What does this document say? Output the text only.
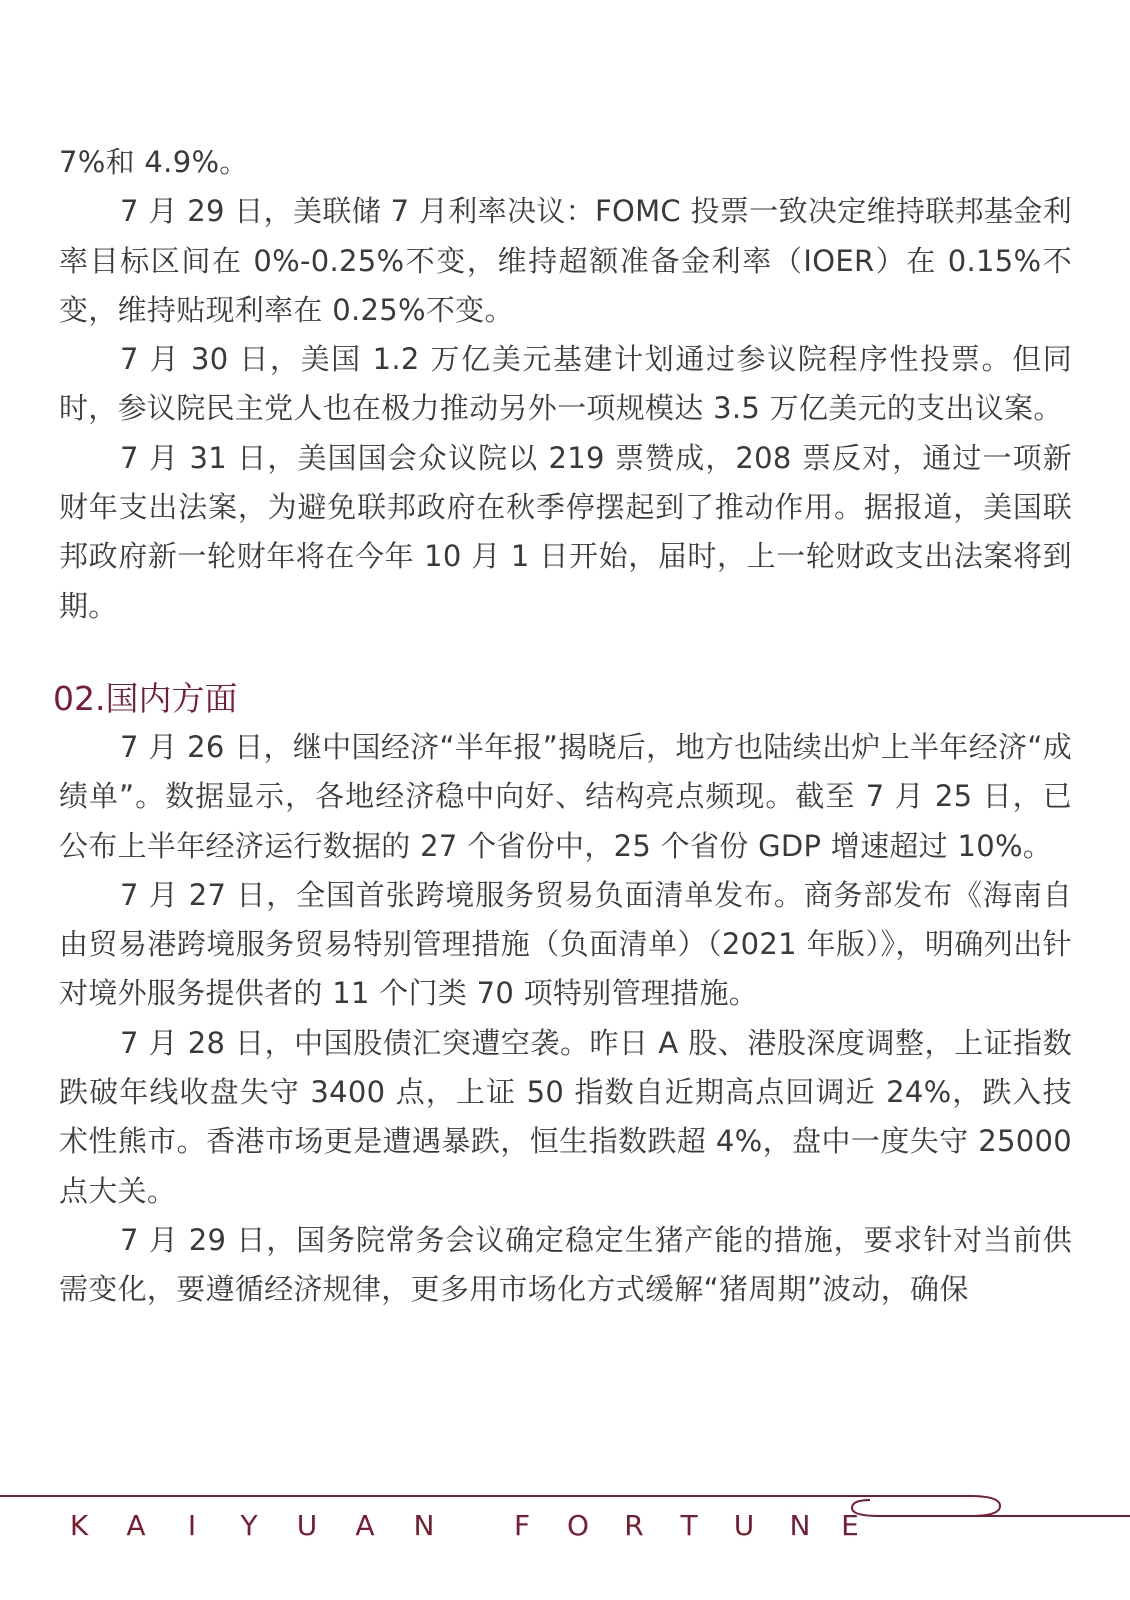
7%和 4.9%。

7 月 29 日，美联储 7 月利率决议：FOMC 投票一致决定维持联邦基金利率目标区间在 0%-0.25%不变，维持超额准备金利率（IOER）在 0.15%不变，维持贴现利率在 0.25%不变。

7 月 30 日，美国 1.2 万亿美元基建计划通过参议院程序性投票。但同时，参议院民主党人也在极力推动另外一项规模达 3.5 万亿美元的支出议案。

7 月 31 日，美国国会众议院以 219 票赞成，208 票反对，通过一项新财年支出法案，为避免联邦政府在秋季停摆起到了推动作用。据报道，美国联邦政府新一轮财年将在今年 10 月 1 日开始，届时，上一轮财政支出法案将到期。

02.国内方面

7 月 26 日，继中国经济“半年报”揭晓后，地方也陆续出炉上半年经济“成绩单”。数据显示，各地经济稳中向好、结构亮点频现。截至 7 月 25 日，已公布上半年经济运行数据的 27 个省份中，25 个省份 GDP 增速超过 10%。

7 月 27 日，全国首张跨境服务贸易负面清单发布。商务部发布《海南自由贸易港跨境服务贸易特别管理措施（负面清单）（2021 年版）》，明确列出针对境外服务提供者的 11 个门类 70 项特别管理措施。

7 月 28 日，中国股债汇突遭空袭。昨日 A 股、港股深度调整，上证指数跌破年线收盘失守 3400 点，上证 50 指数自近期高点回调近 24%，跌入技术性熊市。香港市场更是遭遇暴跌，恒生指数跌超 4%，盘中一度失守 25000 点大关。

7 月 29 日，国务院常务会议确定稳定生猪产能的措施，要求针对当前供需变化，要遵循经济规律，更多用市场化方式缓解“猪周期”波动，确保

K	A	I	Y	U	A	N	F	O	R	T	U	N	E
